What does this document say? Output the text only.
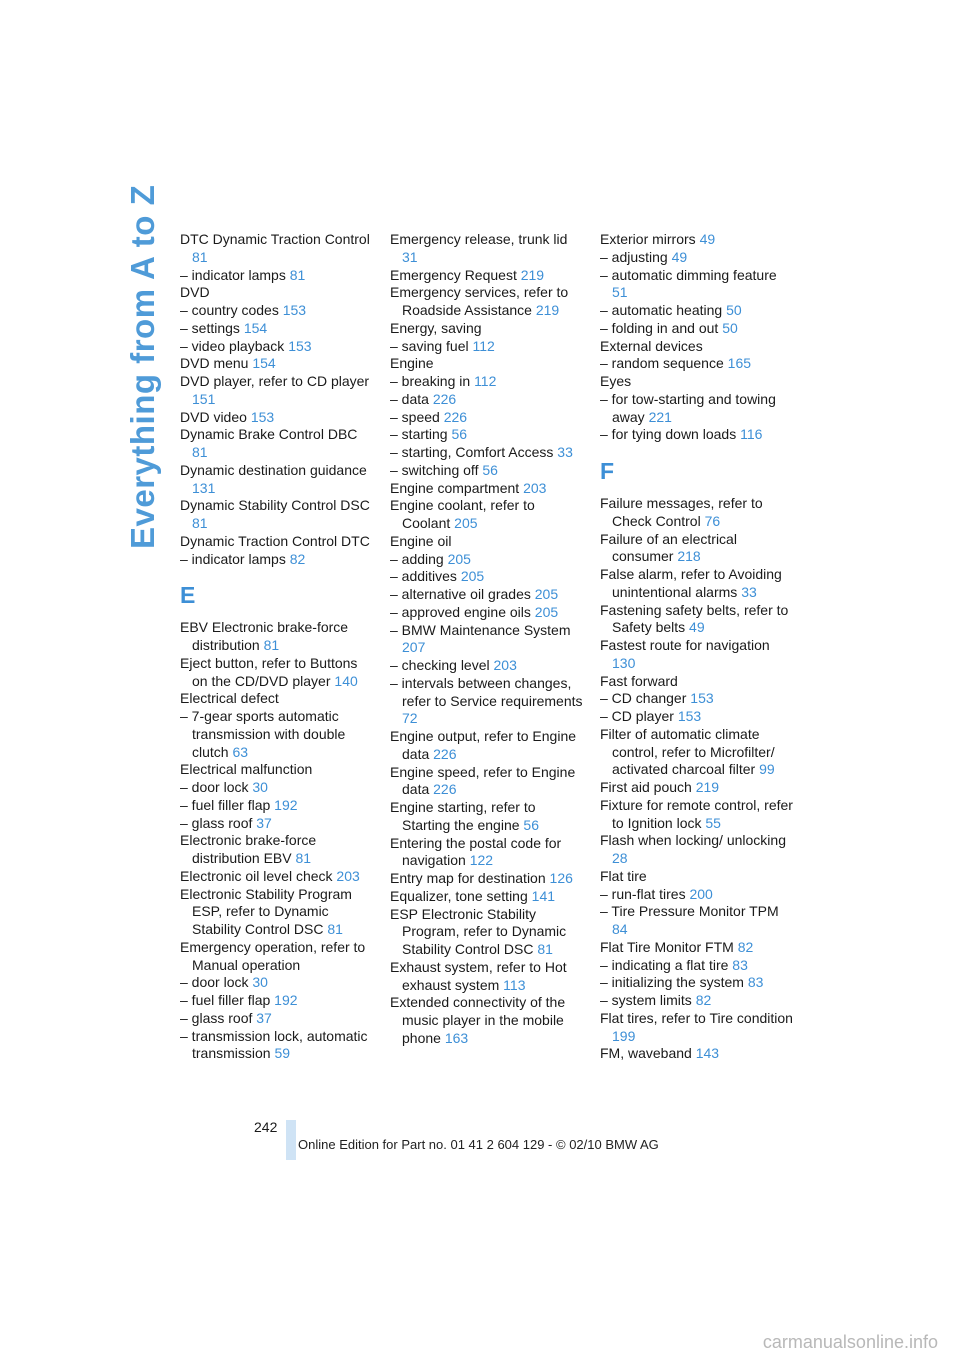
Everything from A to Z DTC Dynamic Traction Control 81
– indicator lamps 81
DVD
– country codes 153
– settings 154
– video playback 153
DVD menu 154
DVD player, refer to CD player 151
DVD video 153
Dynamic Brake Control DBC 81
Dynamic destination guidance 131
Dynamic Stability Control DSC 81
Dynamic Traction Control DTC
– indicator lamps 82
E
EBV Electronic brake-force distribution 81
Eject button, refer to Buttons on the CD/DVD player 140
Electrical defect
– 7-gear sports automatic transmission with double clutch 63
Electrical malfunction
– door lock 30
– fuel filler flap 192
– glass roof 37
Electronic brake-force distribution EBV 81
Electronic oil level check 203
Electronic Stability Program ESP, refer to Dynamic Stability Control DSC 81
Emergency operation, refer to Manual operation
– door lock 30
– fuel filler flap 192
– glass roof 37
– transmission lock, automatic transmission 59
Emergency release, trunk lid 31
Emergency Request 219
Emergency services, refer to Roadside Assistance 219
Energy, saving
– saving fuel 112
Engine
– breaking in 112
– data 226
– speed 226
– starting 56
– starting, Comfort Access 33
– switching off 56
Engine compartment 203
Engine coolant, refer to Coolant 205
Engine oil
– adding 205
– additives 205
– alternative oil grades 205
– approved engine oils 205
– BMW Maintenance System 207
– checking level 203
– intervals between changes, refer to Service requirements 72
Engine output, refer to Engine data 226
Engine speed, refer to Engine data 226
Engine starting, refer to Starting the engine 56
Entering the postal code for navigation 122
Entry map for destination 126
Equalizer, tone setting 141
ESP Electronic Stability Program, refer to Dynamic Stability Control DSC 81
Exhaust system, refer to Hot exhaust system 113
Extended connectivity of the music player in the mobile phone 163
Exterior mirrors 49
– adjusting 49
– automatic dimming feature 51
– automatic heating 50
– folding in and out 50
External devices
– random sequence 165
Eyes
– for tow-starting and towing away 221
– for tying down loads 116
F
Failure messages, refer to Check Control 76
Failure of an electrical consumer 218
False alarm, refer to Avoiding unintentional alarms 33
Fastening safety belts, refer to Safety belts 49
Fastest route for navigation 130
Fast forward
– CD changer 153
– CD player 153
Filter of automatic climate control, refer to Microfilter/ activated charcoal filter 99
First aid pouch 219
Fixture for remote control, refer to Ignition lock 55
Flash when locking/ unlocking 28
Flat tire
– run-flat tires 200
– Tire Pressure Monitor TPM 84
Flat Tire Monitor FTM 82
– indicating a flat tire 83
– initializing the system 83
– system limits 82
Flat tires, refer to Tire condition 199
FM, waveband 143
242
Online Edition for Part no. 01 41 2 604 129 - © 02/10 BMW AG
carmanualsonline.info
